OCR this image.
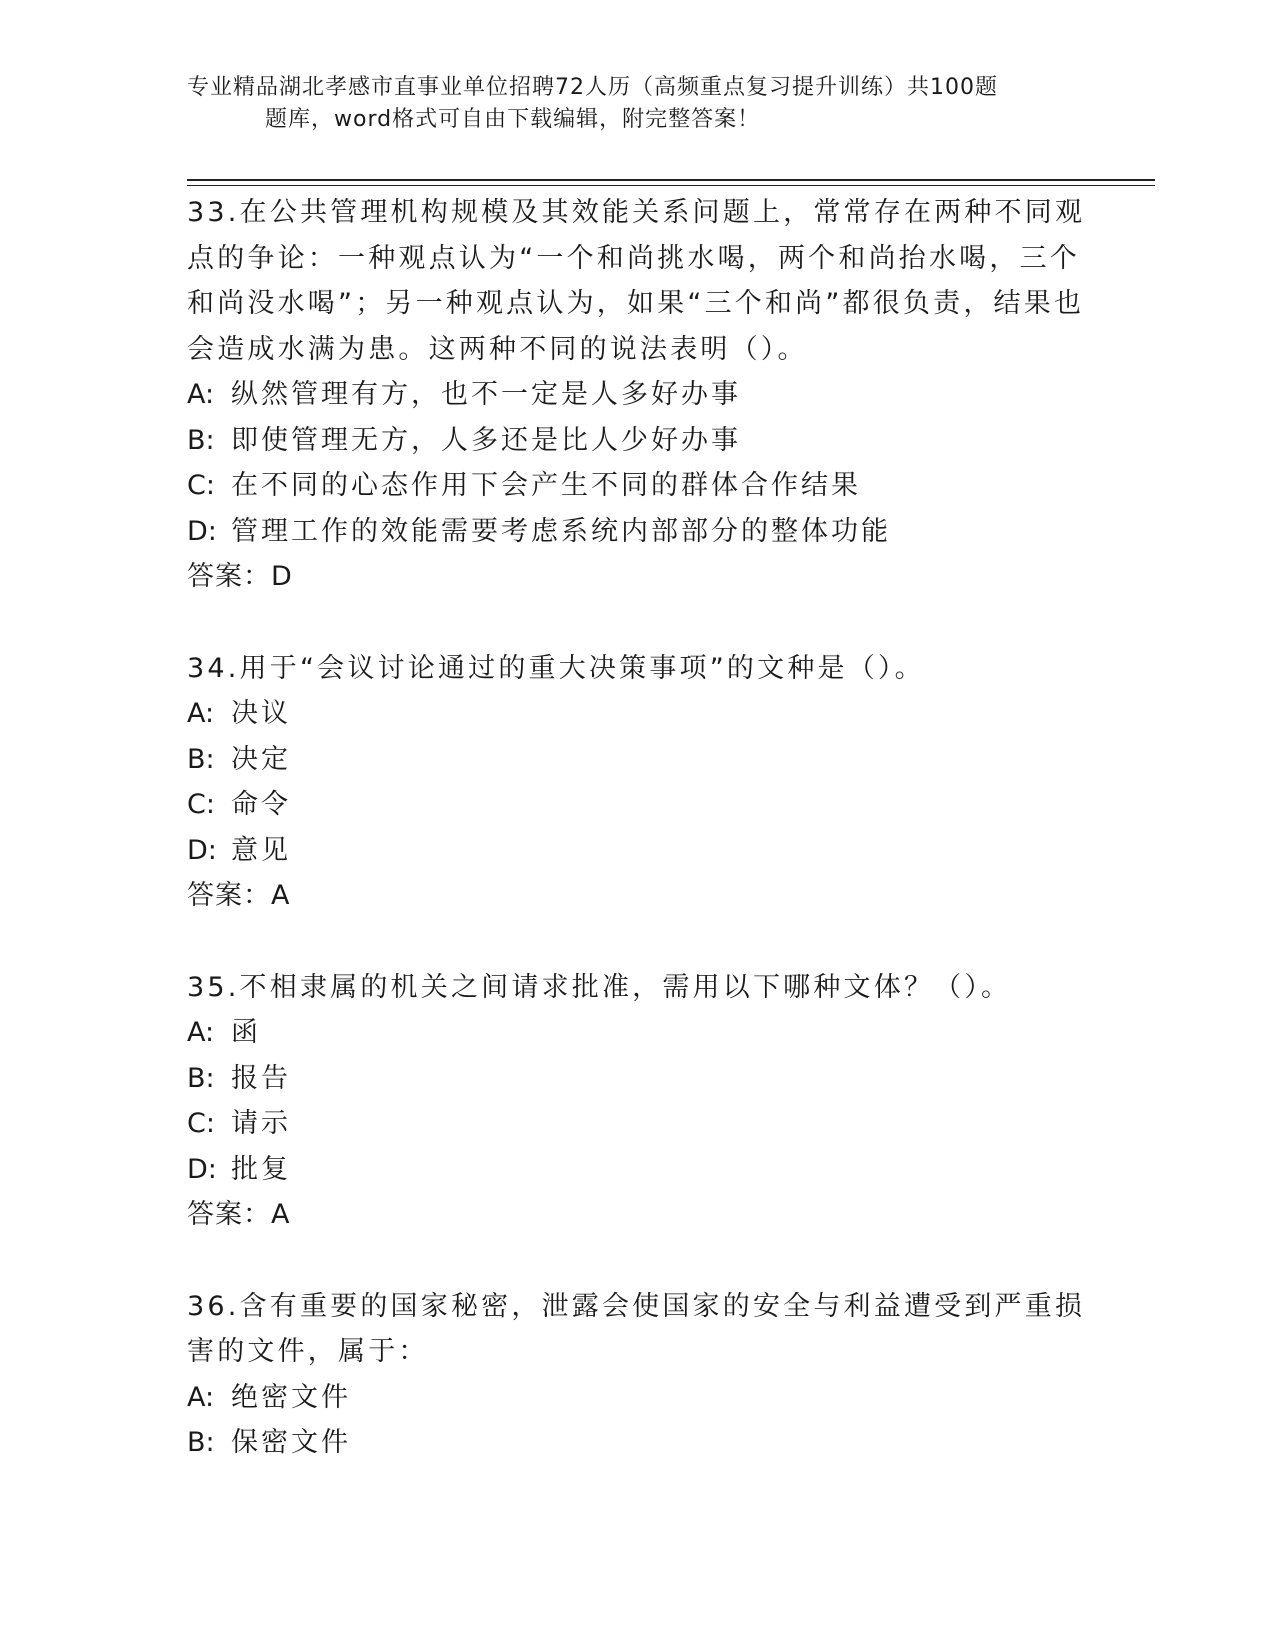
专业精品湖北孝感市直事业单位招聘72人历（高频重点复习提升训练）共100题
题库，word格式可自由下载编辑，附完整答案！
33.在公共管理机构规模及其效能关系问题上，常常存在两种不同观点的争论：一种观点认为“一个和尚挑水喝，两个和尚抬水喝，三个和尚没水喝”；另一种观点认为，如果“三个和尚”都很负责，结果也会造成水满为患。这两种不同的说法表明（）。
A: 纵然管理有方，也不一定是人多好办事
B: 即使管理无方，人多还是比人少好办事
C: 在不同的心态作用下会产生不同的群体合作结果
D: 管理工作的效能需要考虑系统内部部分的整体功能
答案：D
34.用于“会议讨论通过的重大决策事项”的文种是（）。
A: 决议
B: 决定
C: 命令
D: 意见
答案：A
35.不相隶属的机关之间请求批准，需用以下哪种文体？（）。
A: 函
B: 报告
C: 请示
D: 批复
答案：A
36.含有重要的国家秘密，泄露会使国家的安全与利益遭受到严重损害的文件，属于：
A: 绝密文件
B: 保密文件
